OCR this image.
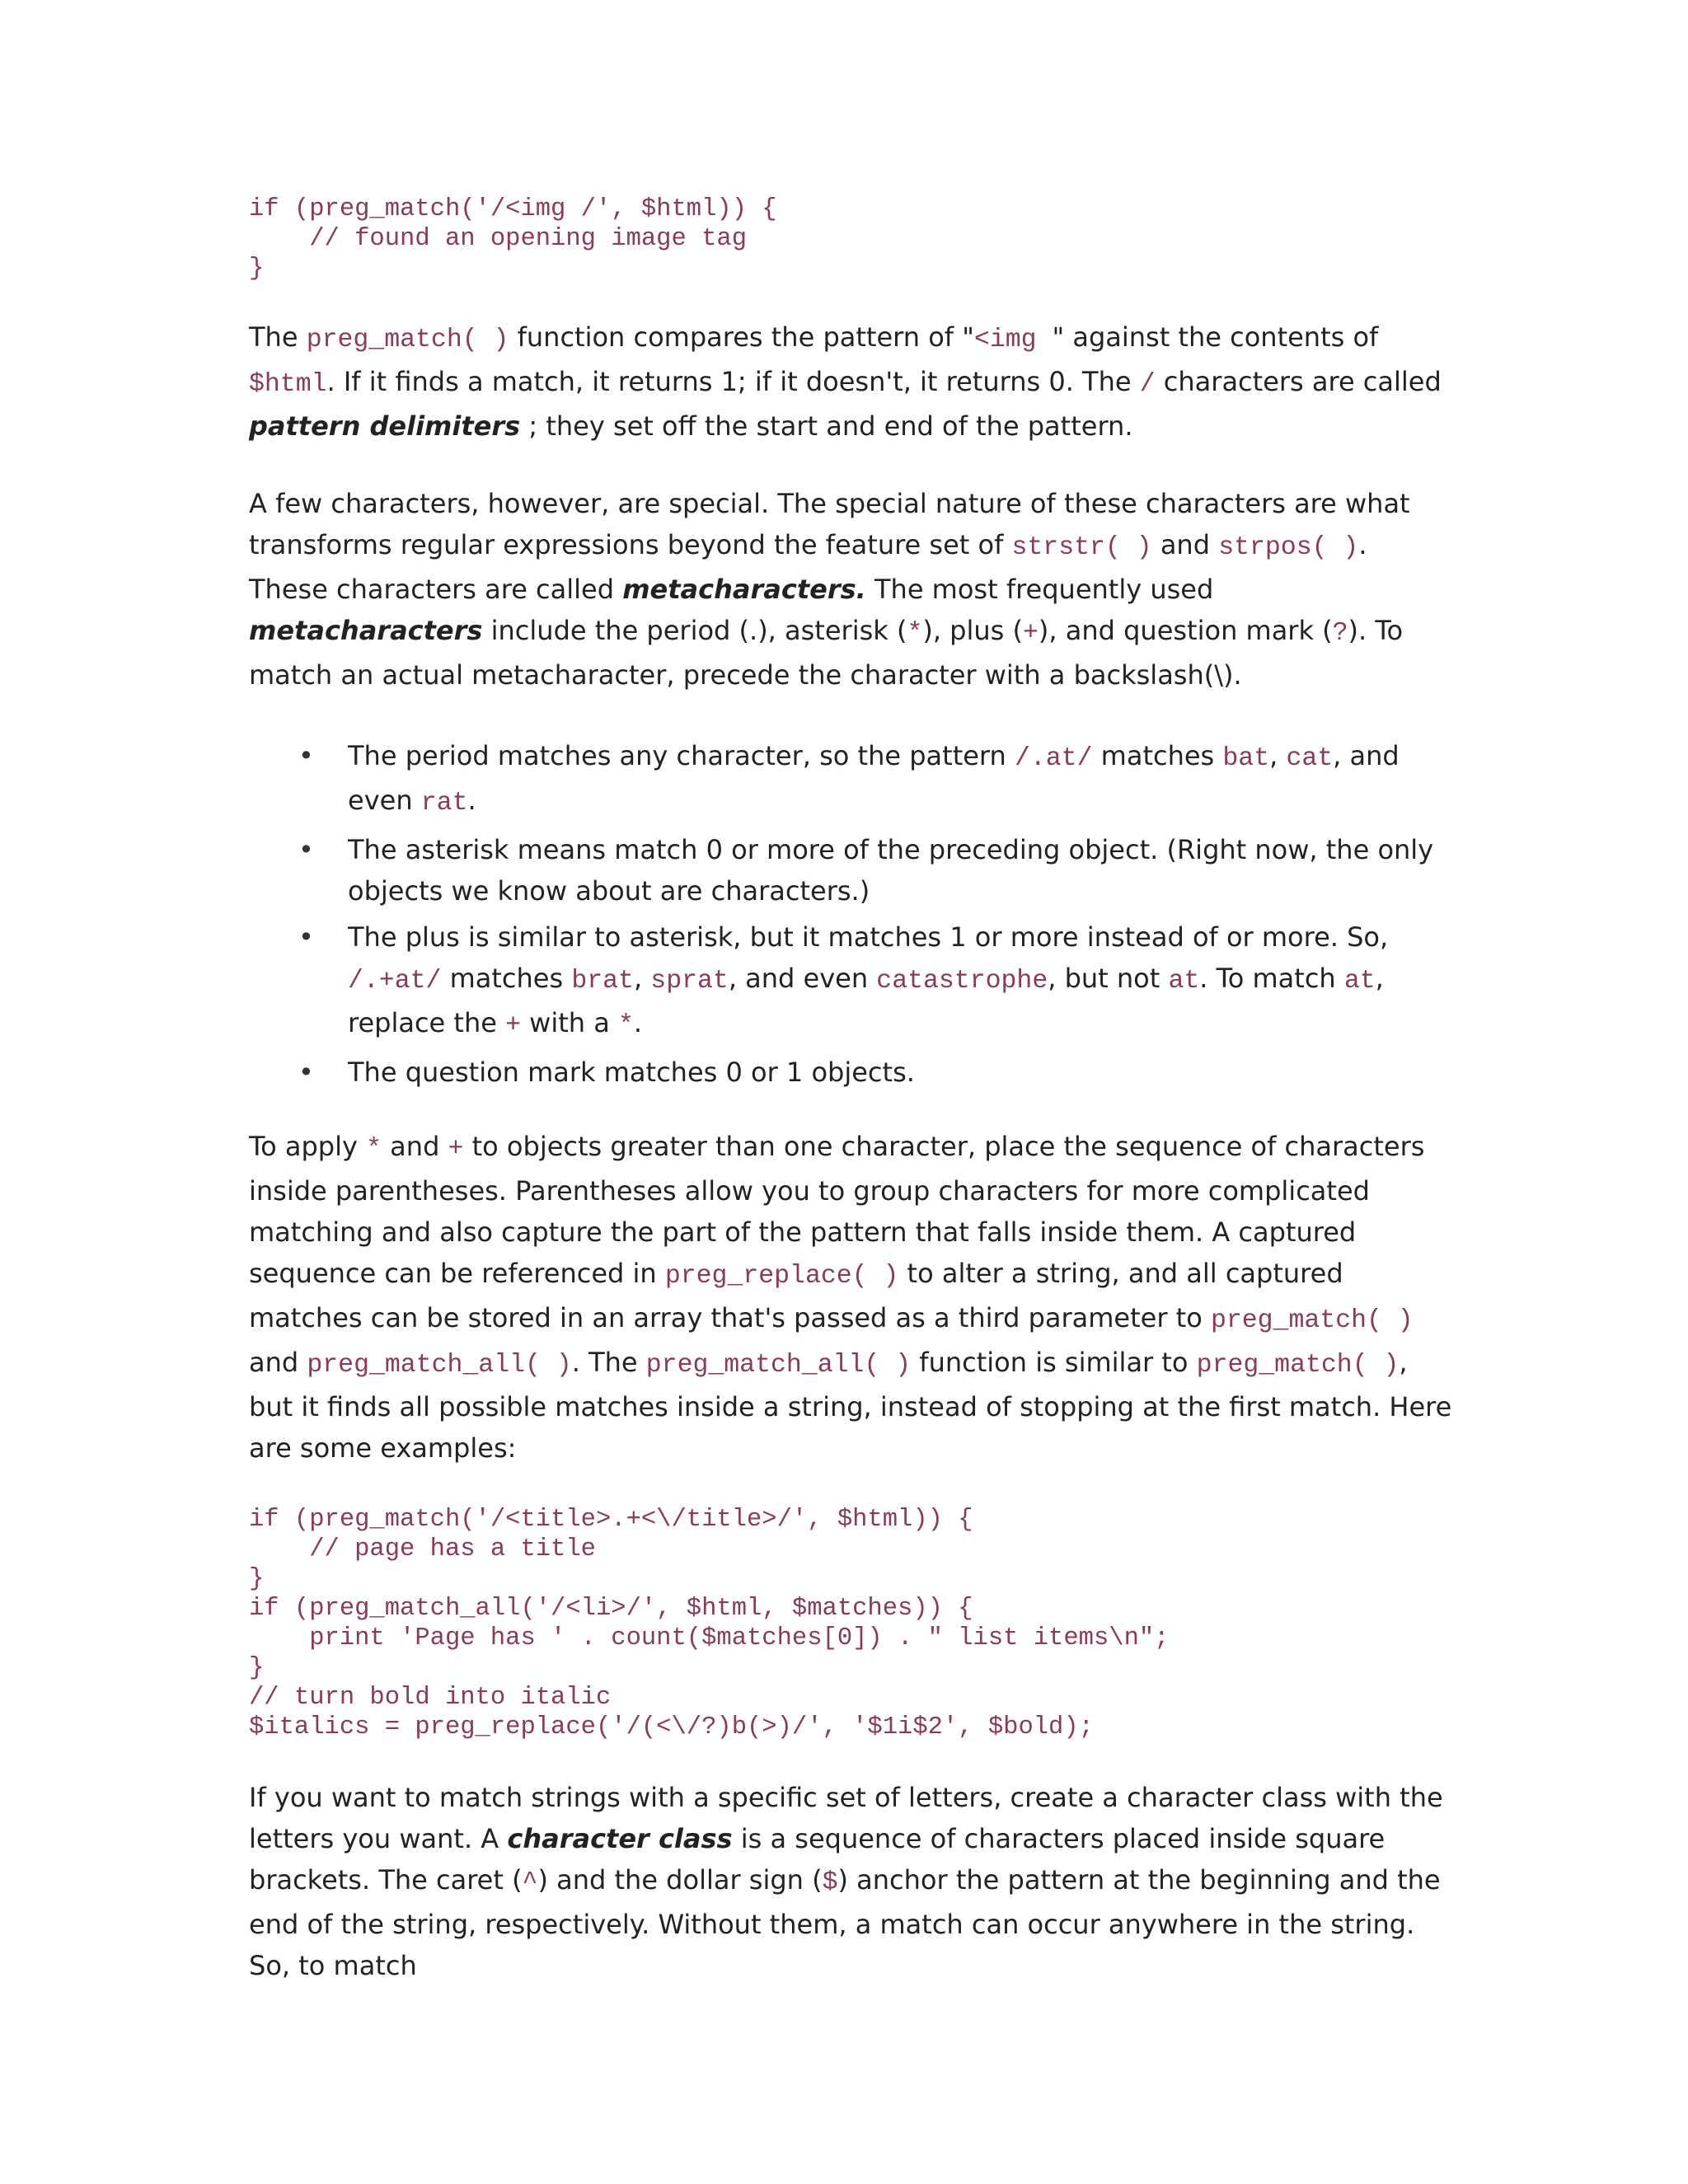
if (preg_match('/<img /', $html)) {
// found an opening image tag
}

The preg_match( ) function compares the pattern of "<img " against the contents of $html. If it finds a match, it returns 1; if it doesn't, it returns 0. The / characters are called pattern delimiters ; they set off the start and end of the pattern.

A few characters, however, are special. The special nature of these characters are what transforms regular expressions beyond the feature set of strstr( ) and strpos( ). These characters are called metacharacters. The most frequently used metacharacters include the period (.), asterisk (*), plus (+), and question mark (?). To match an actual metacharacter, precede the character with a backslash(\).

• The period matches any character, so the pattern /.at/ matches bat, cat, and even rat.
• The asterisk means match 0 or more of the preceding object. (Right now, the only objects we know about are characters.)
• The plus is similar to asterisk, but it matches 1 or more instead of or more. So, /.+at/ matches brat, sprat, and even catastrophe, but not at. To match at, replace the + with a *.
• The question mark matches 0 or 1 objects.

To apply * and + to objects greater than one character, place the sequence of characters inside parentheses. Parentheses allow you to group characters for more complicated matching and also capture the part of the pattern that falls inside them. A captured sequence can be referenced in preg_replace( ) to alter a string, and all captured matches can be stored in an array that's passed as a third parameter to preg_match( ) and preg_match_all( ). The preg_match_all( ) function is similar to preg_match( ), but it finds all possible matches inside a string, instead of stopping at the first match. Here are some examples:

if (preg_match('/<title>.+<\/title>/', $html)) {
// page has a title
}
if (preg_match_all('/<li>/', $html, $matches)) {
print 'Page has ' . count($matches[0]) . " list items\n";
}
// turn bold into italic
$italics = preg_replace('/(<\/?)b(>)/', '$1i$2', $bold);

If you want to match strings with a specific set of letters, create a character class with the letters you want. A character class is a sequence of characters placed inside square brackets. The caret (^) and the dollar sign ($) anchor the pattern at the beginning and the end of the string, respectively. Without them, a match can occur anywhere in the string. So, to match
